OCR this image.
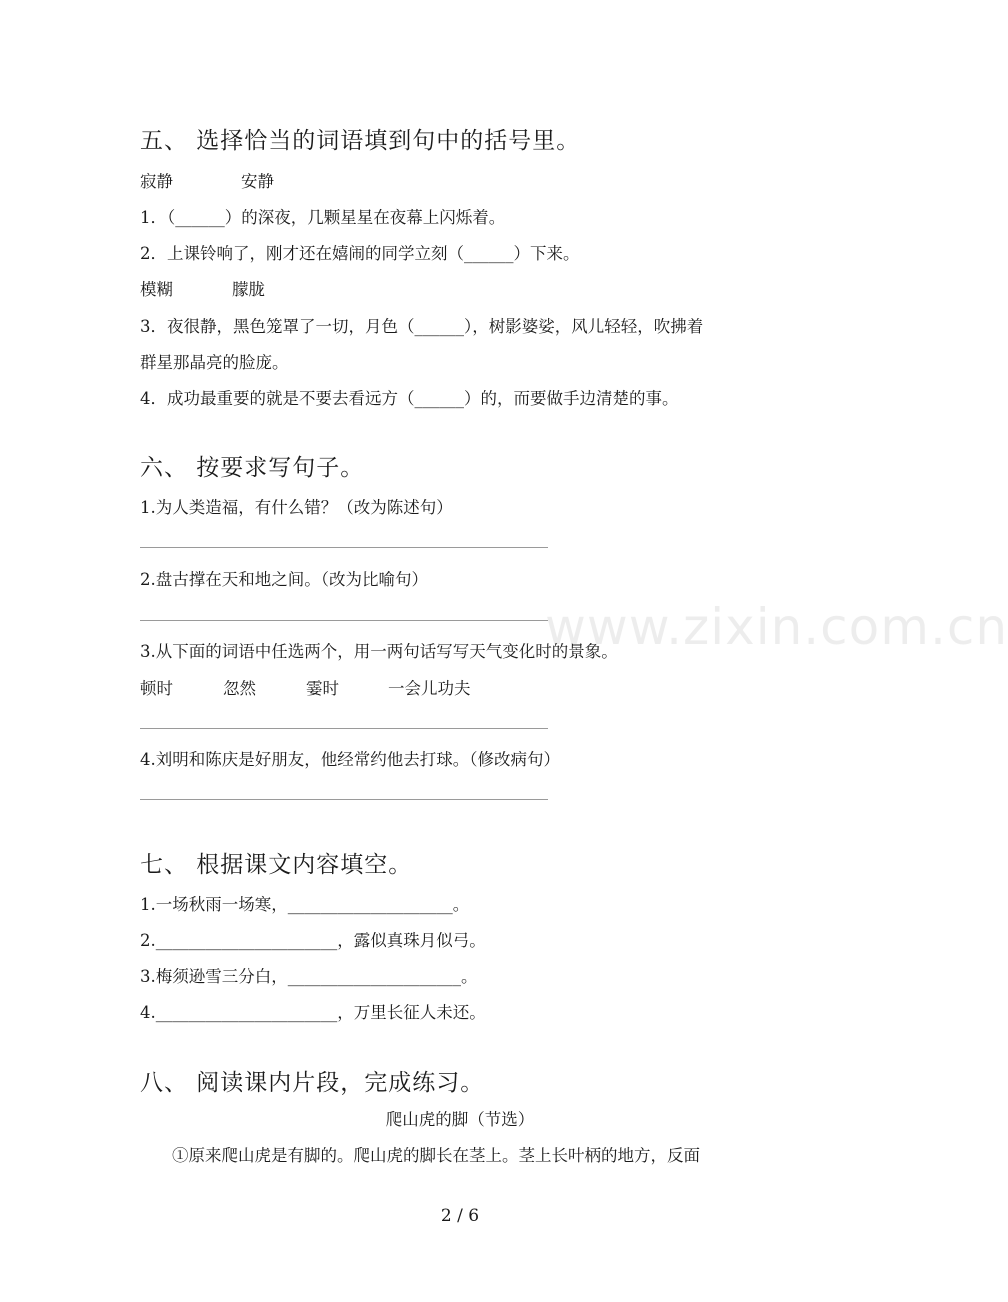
www.zixin.com.cn
五、 选择恰当的词语填到句中的括号里。
寂静	安静
1．（______）的深夜，几颗星星在夜幕上闪烁着。
2．上课铃响了，刚才还在嬉闹的同学立刻（______）下来。
模糊	朦胧
3．夜很静，黑色笼罩了一切，月色（______），树影婆娑，风儿轻轻，吹拂着
群星那晶亮的脸庞。
4．成功最重要的就是不要去看远方（______）的，而要做手边清楚的事。
六、 按要求写句子。
1.为人类造福，有什么错？（改为陈述句）
2.盘古撑在天和地之间。（改为比喻句）
3.从下面的词语中任选两个，用一两句话写写天气变化时的景象。
顿时	忽然	霎时	一会儿功夫
4.刘明和陈庆是好朋友，他经常约他去打球。（修改病句）
七、 根据课文内容填空。
1.一场秋雨一场寒，____________________。
2.______________________，露似真珠月似弓。
3.梅须逊雪三分白，_____________________。
4.______________________，万里长征人未还。
八、 阅读课内片段，完成练习。
爬山虎的脚（节选）
①原来爬山虎是有脚的。爬山虎的脚长在茎上。茎上长叶柄的地方，反面
2 / 6
